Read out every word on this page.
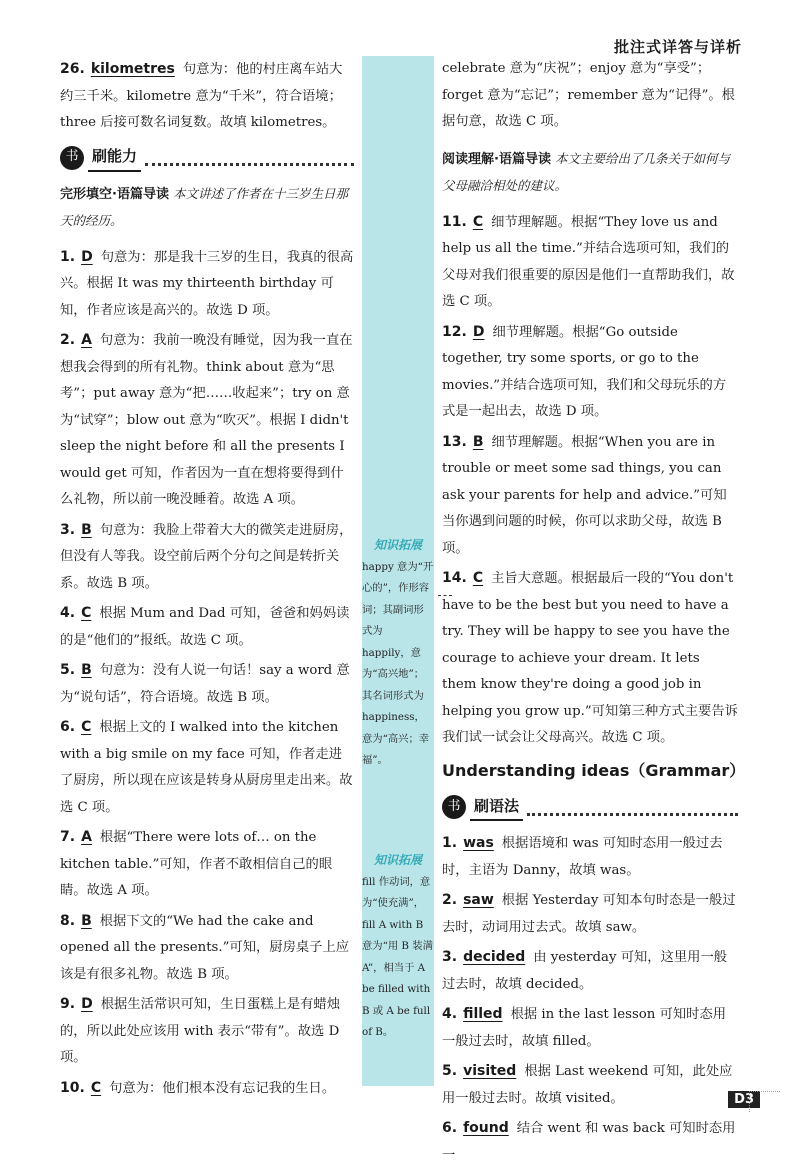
批注式详答与详析
26. kilometres 句意为：他的村庄离车站大约三千米。kilometre 意为“千米”，符合语境；three 后接可数名词复数。故填 kilometres。
书 刷能力
完形填空·语篇导读 本文讲述了作者在十三岁生日那天的经历。
1. D 句意为：那是我十三岁的生日，我真的很高兴。根据 It was my thirteenth birthday 可知，作者应该是高兴的。故选 D 项。
2. A 句意为：我前一晚没有睡觉，因为我一直在想我会得到的所有礼物。think about 意为“思考”；put away 意为“把……收起来”；try on 意为“试穿”；blow out 意为“吹灭”。根据 I didn't sleep the night before 和 all the presents I would get 可知，作者因为一直在想将要得到什么礼物，所以前一晚没睡着。故选 A 项。
3. B 句意为：我脸上带着大大的微笑走进厨房，但没有人等我。设空前后两个分句之间是转折关系。故选 B 项。
4. C 根据 Mum and Dad 可知，爸爸和妈妈读的是“他们的”报纸。故选 C 项。
5. B 句意为：没有人说一句话！say a word 意为“说句话”，符合语境。故选 B 项。
6. C 根据上文的 I walked into the kitchen with a big smile on my face 可知，作者走进了厨房，所以现在应该是转身从厨房里走出来。故选 C 项。
7. A 根据“There were lots of… on the kitchen table.”可知，作者不敢相信自己的眼睛。故选 A 项。
8. B 根据下文的“We had the cake and opened all the presents.”可知，厨房桌子上应该是有很多礼物。故选 B 项。
9. D 根据生活常识可知，生日蛋糕上是有蜡烛的，所以此处应该用 with 表示“带有”。故选 D 项。
10. C 句意为：他们根本没有忘记我的生日。
知识拓展
happy 意为“开心的”，作形容词；其副词形式为 happily，意为“高兴地”；其名词形式为 happiness，意为“高兴；幸福”。
知识拓展
fill 作动词，意为“使充满”，fill A with B 意为“用 B 装满 A”，相当于 A be filled with B 或 A be full of B。

celebrate 意为“庆祝”；enjoy 意为“享受”；forget 意为“忘记”；remember 意为“记得”。根据句意，故选 C 项。

阅读理解·语篇导读 本文主要给出了几条关于如何与父母融洽相处的建议。
11. C 细节理解题。根据“They love us and help us all the time.”并结合选项可知，我们的父母对我们很重要的原因是他们一直帮助我们，故选 C 项。
12. D 细节理解题。根据“Go outside together, try some sports, or go to the movies.”并结合选项可知，我们和父母玩乐的方式是一起出去，故选 D 项。
13. B 细节理解题。根据“When you are in trouble or meet some sad things, you can ask your parents for help and advice.”可知当你遇到问题的时候，你可以求助父母，故选 B 项。
14. C 主旨大意题。根据最后一段的“You don't have to be the best but you need to have a try. They will be happy to see you have the courage to achieve your dream. It lets them know they're doing a good job in helping you grow up.”可知第三种方式主要告诉我们试一试会让父母高兴。故选 C 项。
Understanding ideas（Grammar）
书 刷语法
1. was 根据语境和 was 可知时态用一般过去时，主语为 Danny，故填 was。
2. saw 根据 Yesterday 可知本句时态是一般过去时，动词用过去式。故填 saw。
3. decided 由 yesterday 可知，这里用一般过去时，故填 decided。
4. filled 根据 in the last lesson 可知时态用一般过去时，故填 filled。
5. visited 根据 Last weekend 可知，此处应用一般过去时。故填 visited。
6. found 结合 went 和 was back 可知时态用一
D3
